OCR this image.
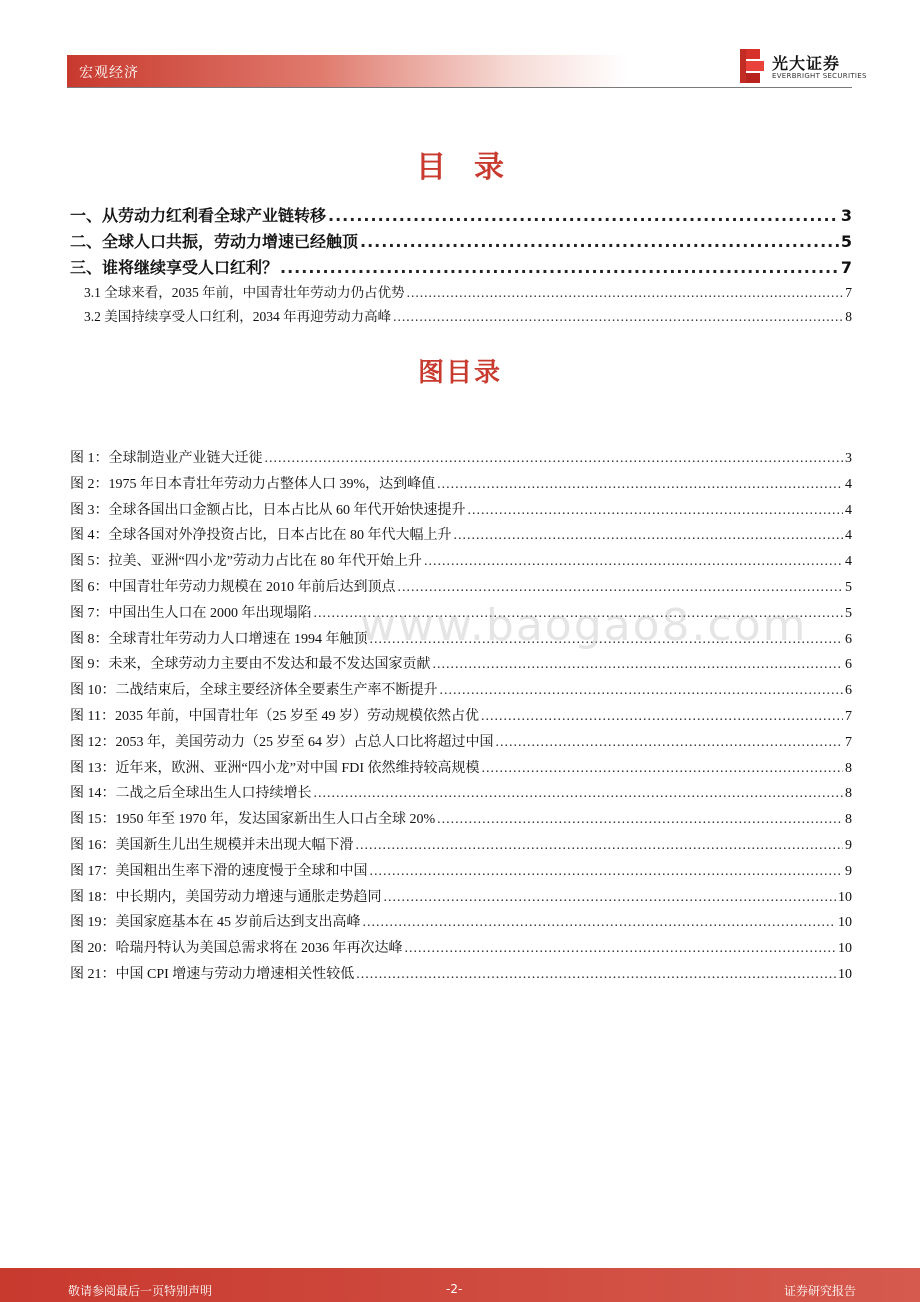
宏观经济	光大证券
EVERBRIGHT SECURITIES
目录
一、从劳动力红利看全球产业链转移 .....	3
二、全球人口共振，劳动力增速已经触顶 .....	5
三、谁将继续享受人口红利？ .....	7
3.1 全球来看，2035 年前，中国青壮年劳动力仍占优势 .....	7
3.2 美国持续享受人口红利，2034 年再迎劳动力高峰 .....	8
图目录
图 1：全球制造业产业链大迁徙 .....	3
图 2：1975 年日本青壮年劳动力占整体人口 39%，达到峰值 .....	4
图 3：全球各国出口金额占比，日本占比从 60 年代开始快速提升 .....	4
图 4：全球各国对外净投资占比，日本占比在 80 年代大幅上升 .....	4
图 5：拉美、亚洲“四小龙”劳动力占比在 80 年代开始上升 .....	4
图 6：中国青壮年劳动力规模在 2010 年前后达到顶点 .....	5
图 7：中国出生人口在 2000 年出现塌陷 .....	5
图 8：全球青壮年劳动力人口增速在 1994 年触顶 .....	6
图 9：未来，全球劳动力主要由不发达和最不发达国家贡献 .....	6
图 10：二战结束后，全球主要经济体全要素生产率不断提升 .....	6
图 11：2035 年前，中国青壮年（25 岁至 49 岁）劳动规模依然占优 .....	7
图 12：2053 年，美国劳动力（25 岁至 64 岁）占总人口比将超过中国 .....	7
图 13：近年来，欧洲、亚洲“四小龙”对中国 FDI 依然维持较高规模 .....	8
图 14：二战之后全球出生人口持续增长 .....	8
图 15：1950 年至 1970 年，发达国家新出生人口占全球 20% .....	8
图 16：美国新生儿出生规模并未出现大幅下滑 .....	9
图 17：美国粗出生率下滑的速度慢于全球和中国 .....	9
图 18：中长期内，美国劳动力增速与通胀走势趋同 .....	10
图 19：美国家庭基本在 45 岁前后达到支出高峰 .....	10
图 20：哈瑞丹特认为美国总需求将在 2036 年再次达峰 .....	10
图 21：中国 CPI 增速与劳动力增速相关性较低 .....	10
www.baogao8.com
敬请参阅最后一页特别声明	-2-	证券研究报告
